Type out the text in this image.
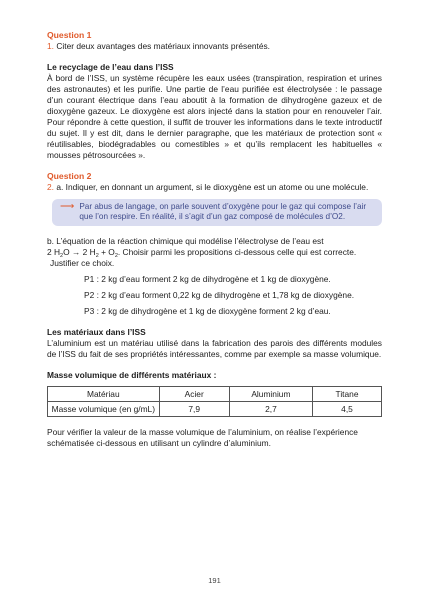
Question 1
1. Citer deux avantages des matériaux innovants présentés.
Le recyclage de l’eau dans l’ISS
À bord de l’ISS, un système récupère les eaux usées (transpiration, respiration et urines des astronautes) et les purifie. Une partie de l’eau purifiée est électrolysée : le passage d’un courant électrique dans l’eau aboutit à la formation de dihydrogène gazeux et de dioxygène gazeux. Le dioxygène est alors injecté dans la station pour en renouveler l’air. Pour répondre à cette question, il suffit de trouver les informations dans le texte introductif du sujet. Il y est dit, dans le dernier paragraphe, que les matériaux de protection sont « réutilisables, biodégradables ou comestibles » et qu’ils remplacent les habituelles « mousses pétrosourcées ».
Question 2
2. a. Indiquer, en donnant un argument, si le dioxygène est un atome ou une molécule.
⟶ Par abus de langage, on parle souvent d’oxygène pour le gaz qui compose l’air que l’on respire. En réalité, il s’agit d’un gaz composé de molécules d’O2.
b. L’équation de la réaction chimique qui modélise l’électrolyse de l’eau est
2 $H_2O \to 2$ $H_2 + O_2$. Choisir parmi les propositions ci-dessous celle qui est correcte.
Justifier ce choix.
P1 : 2 kg d’eau forment 2 kg de dihydrogène et 1 kg de dioxygène.
P2 : 2 kg d’eau forment 0,22 kg de dihydrogène et 1,78 kg de dioxygène.
P3 : 2 kg de dihydrogène et 1 kg de dioxygène forment 2 kg d’eau.
Les matériaux dans l’ISS
L’aluminium est un matériau utilisé dans la fabrication des parois des différents modules de l’ISS du fait de ses propriétés intéressantes, comme par exemple sa masse volumique.
Masse volumique de différents matériaux :
Matériau	Acier	Aluminium	Titane
Masse volumique (en g/mL)	7,9	2,7	4,5
Pour vérifier la valeur de la masse volumique de l’aluminium, on réalise l’expérience schématisée ci-dessous en utilisant un cylindre d’aluminium.
191
